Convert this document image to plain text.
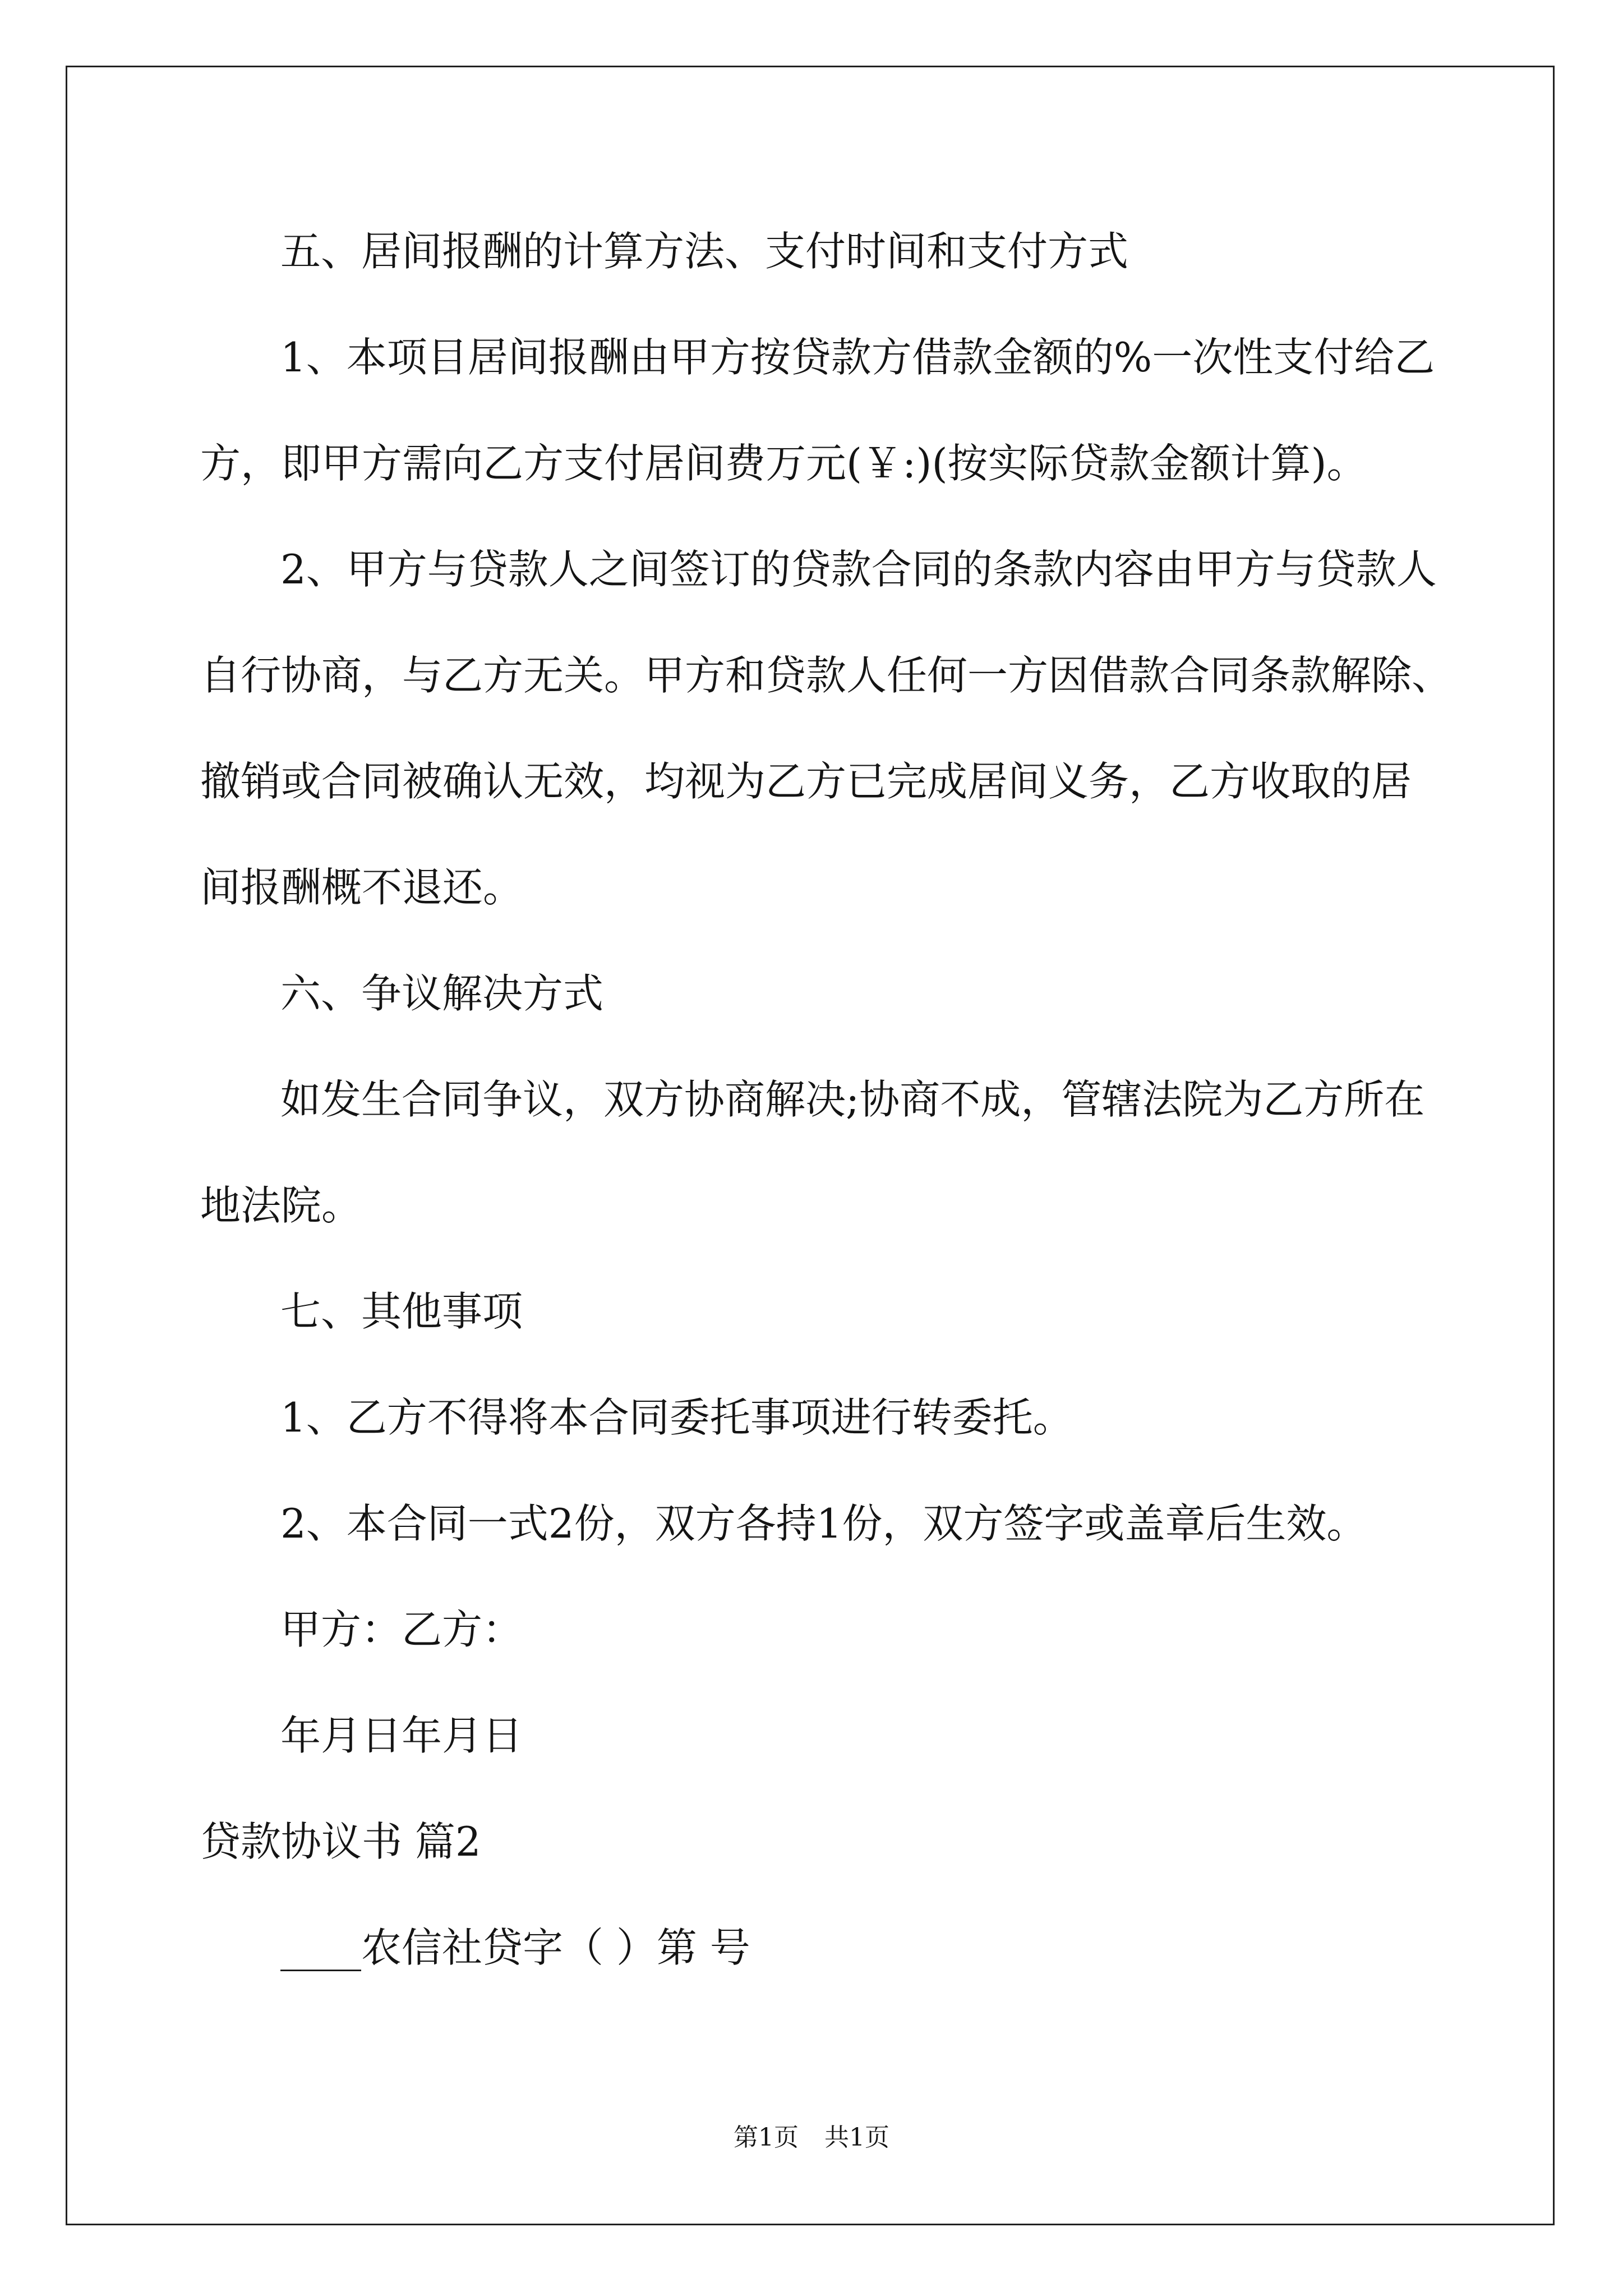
五、居间报酬的计算方法、支付时间和支付方式
1、本项目居间报酬由甲方按贷款方借款金额的%一次性支付给乙
方，即甲方需向乙方支付居间费万元(￥:)(按实际贷款金额计算)。
2、甲方与贷款人之间签订的贷款合同的条款内容由甲方与贷款人
自行协商，与乙方无关。甲方和贷款人任何一方因借款合同条款解除、
撤销或合同被确认无效，均视为乙方已完成居间义务，乙方收取的居
间报酬概不退还。
六、争议解决方式
如发生合同争议，双方协商解决;协商不成，管辖法院为乙方所在
地法院。
七、其他事项
1、乙方不得将本合同委托事项进行转委托。
2、本合同一式2份，双方各持1份，双方签字或盖章后生效。
甲方：乙方：
年月日年月日
贷款协议书 篇2
____农信社贷字（ ）第 号
第1页 共1页
